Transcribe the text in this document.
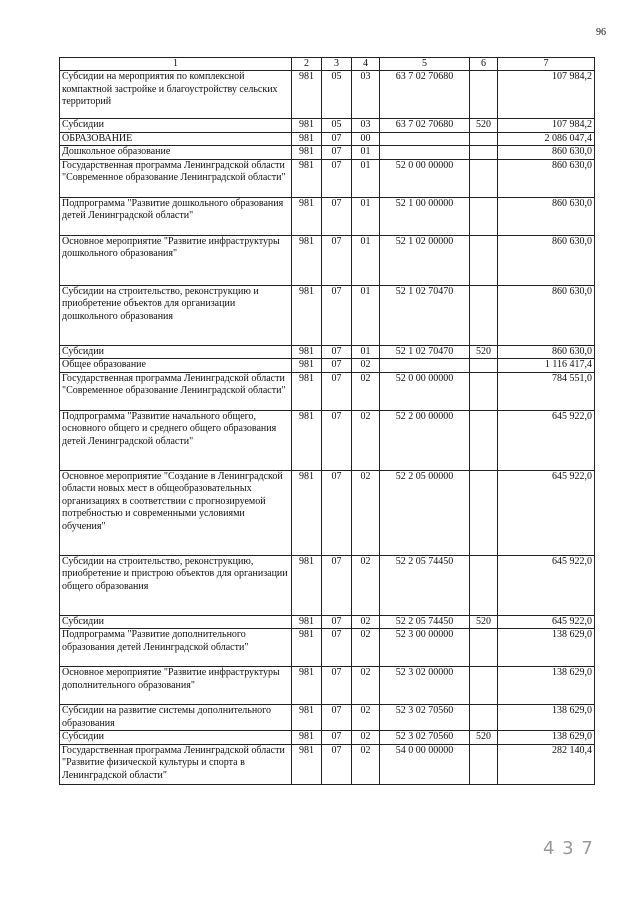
96
1	2	3	4	5	6	7
Субсидии на мероприятия по комплексной компактной застройке и благоустройству сельских территорий	981	05	03	63 7 02 70680		107 984,2
Субсидии	981	05	03	63 7 02 70680	520	107 984,2
ОБРАЗОВАНИЕ	981	07	00			2 086 047,4
Дошкольное образование	981	07	01			860 630,0
Государственная программа Ленинградской области "Современное образование Ленинградской области"	981	07	01	52 0 00 00000		860 630,0
Подпрограмма "Развитие дошкольного образования детей Ленинградской области"	981	07	01	52 1 00 00000		860 630,0
Основное мероприятие "Развитие инфраструктуры дошкольного образования"	981	07	01	52 1 02 00000		860 630,0
Субсидии на строительство, реконструкцию и приобретение объектов для организации дошкольного образования	981	07	01	52 1 02 70470		860 630,0
Субсидии	981	07	01	52 1 02 70470	520	860 630,0
Общее образование	981	07	02			1 116 417,4
Государственная программа Ленинградской области "Современное образование Ленинградской области"	981	07	02	52 0 00 00000		784 551,0
Подпрограмма "Развитие начального общего, основного общего и среднего общего образования детей Ленинградской области"	981	07	02	52 2 00 00000		645 922,0
Основное мероприятие "Создание в Ленинградской области новых мест в общеобразовательных организациях в соответствии с прогнозируемой потребностью и современными условиями обучения"	981	07	02	52 2 05 00000		645 922,0
Субсидии на строительство, реконструкцию, приобретение и пристрою объектов для организации общего образования	981	07	02	52 2 05 74450		645 922,0
Субсидии	981	07	02	52 2 05 74450	520	645 922,0
Подпрограмма "Развитие дополнительного образования детей Ленинградской области"	981	07	02	52 3 00 00000		138 629,0
Основное мероприятие "Развитие инфраструктуры дополнительного образования"	981	07	02	52 3 02 00000		138 629,0
Субсидии на развитие системы дополнительного образования	981	07	02	52 3 02 70560		138 629,0
Субсидии	981	07	02	52 3 02 70560	520	138 629,0
Государственная программа Ленинградской области "Развитие физической культуры и спорта в Ленинградской области"	981	07	02	54 0 00 00000		282 140,4
4 3 7
